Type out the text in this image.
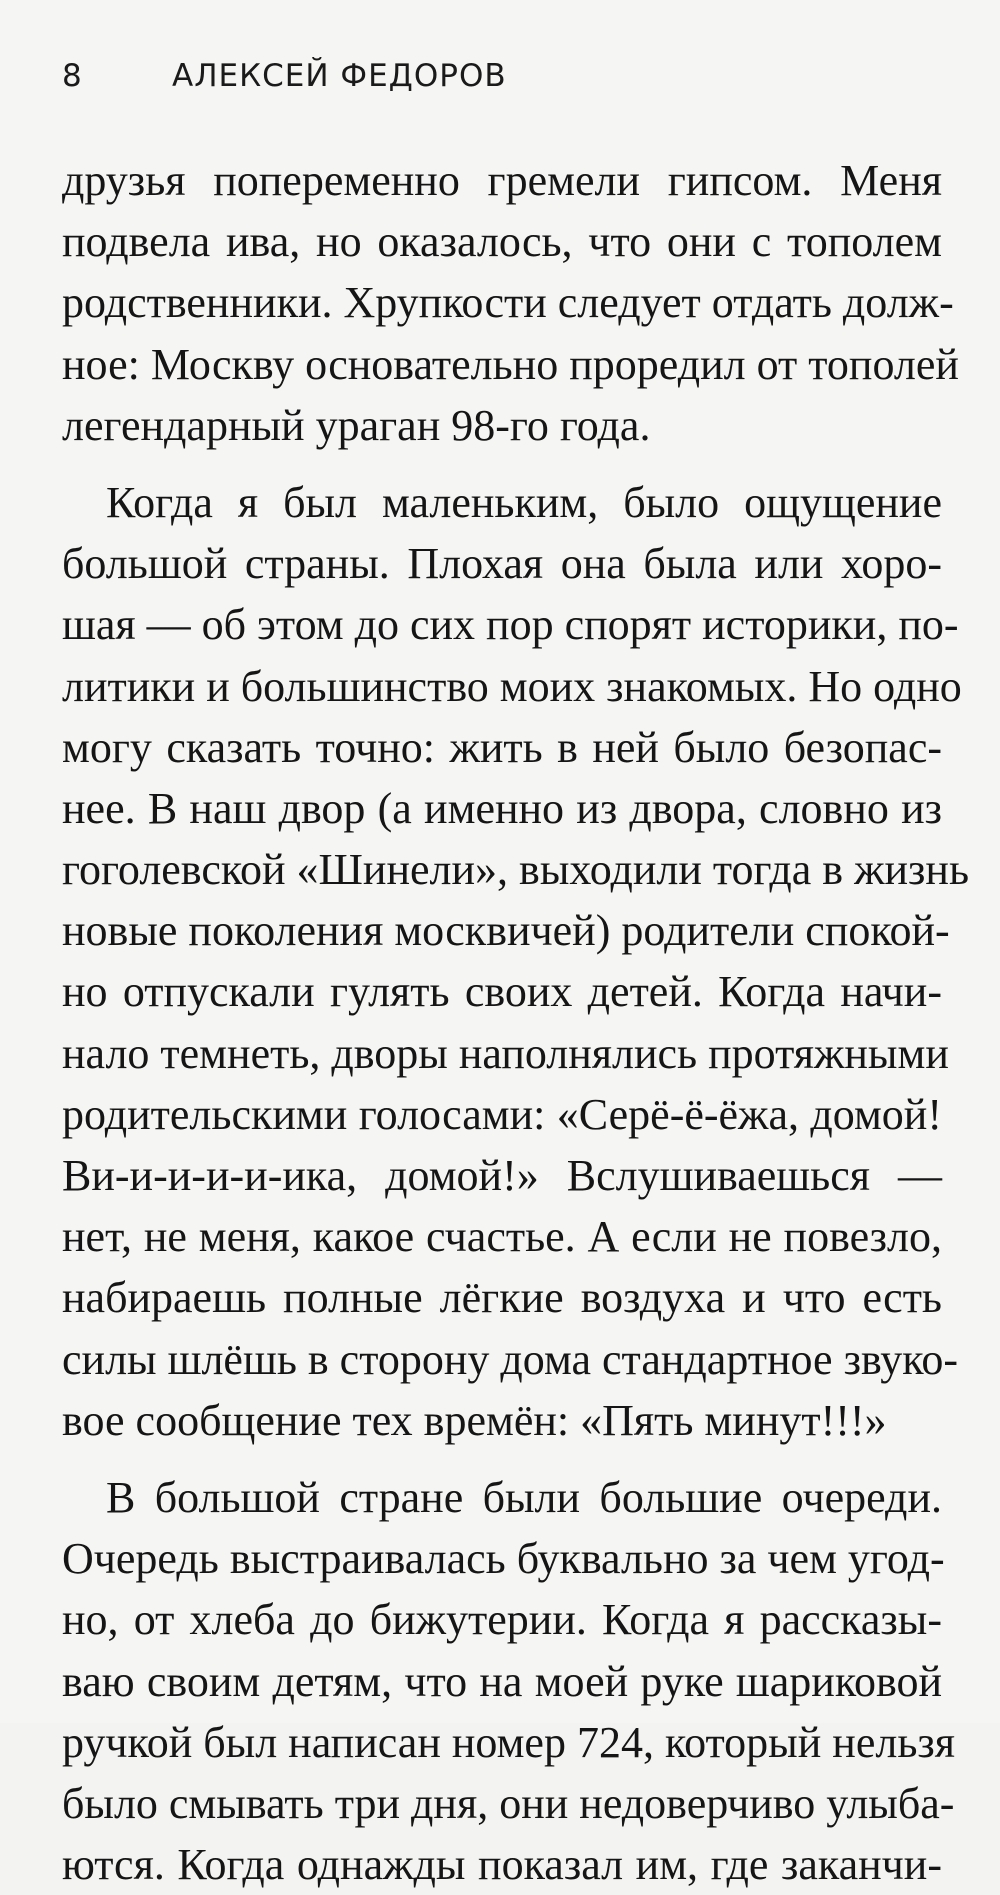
8	АЛЕКСЕЙ ФЕДОРОВ
друзья попеременно гремели гипсом. Меня
подвела ива, но оказалось, что они с тополем
родственники. Хрупкости следует отдать долж-
ное: Москву основательно проредил от тополей
легендарный ураган 98-го года.
Когда я был маленьким, было ощущение
большой страны. Плохая она была или хоро-
шая — об этом до сих пор спорят историки, по-
литики и большинство моих знакомых. Но одно
могу сказать точно: жить в ней было безопас-
нее. В наш двор (а именно из двора, словно из
гоголевской «Шинели», выходили тогда в жизнь
новые поколения москвичей) родители спокой-
но отпускали гулять своих детей. Когда начи-
нало темнеть, дворы наполнялись протяжными
родительскими голосами: «Серё-ё-ёжа, домой!
Ви-и-и-и-и-ика, домой!» Вслушиваешься —
нет, не меня, какое счастье. А если не повезло,
набираешь полные лёгкие воздуха и что есть
силы шлёшь в сторону дома стандартное звуко-
вое сообщение тех времён: «Пять минут!!!»
В большой стране были большие очереди.
Очередь выстраивалась буквально за чем угод-
но, от хлеба до бижутерии. Когда я рассказы-
ваю своим детям, что на моей руке шариковой
ручкой был написан номер 724, который нельзя
было смывать три дня, они недоверчиво улыба-
ются. Когда однажды показал им, где заканчи-
